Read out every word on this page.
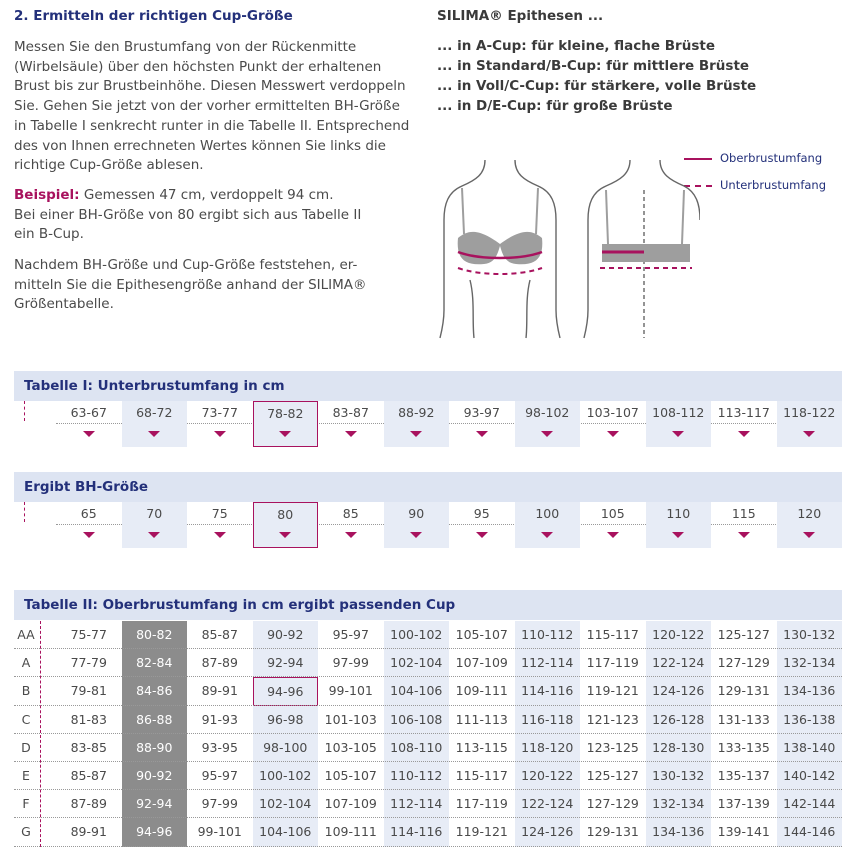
2. Ermitteln der richtigen Cup-Größe
Messen Sie den Brustumfang von der Rückenmitte
(Wirbelsäule) über den höchsten Punkt der erhaltenen
Brust bis zur Brustbeinhöhe. Diesen Messwert verdoppeln
Sie. Gehen Sie jetzt von der vorher ermittelten BH-Größe
in Tabelle I senkrecht runter in die Tabelle II. Entsprechend
des von Ihnen errechneten Wertes können Sie links die
richtige Cup-Größe ablesen.
Beispiel: Gemessen 47 cm, verdoppelt 94 cm.
Bei einer BH-Größe von 80 ergibt sich aus Tabelle II
ein B-Cup.
Nachdem BH-Größe und Cup-Größe feststehen, er-
mitteln Sie die Epithesengröße anhand der SILIMA®
Größentabelle.
SILIMA® Epithesen ...
... in A-Cup: für kleine, flache Brüste
... in Standard/B-Cup: für mittlere Brüste
... in Voll/C-Cup: für stärkere, volle Brüste
... in D/E-Cup: für große Brüste
Oberbrustumfang
Unterbrustumfang
Tabelle I: Unterbrustumfang in cm
63-67	68-72	73-77	78-82	83-87	88-92	93-97	98-102	103-107	108-112	113-117	118-122
Ergibt BH-Größe
65	70	75	80	85	90	95	100	105	110	115	120
Tabelle II: Oberbrustumfang in cm ergibt passenden Cup
AA	75-77	80-82	85-87	90-92	95-97	100-102	105-107	110-112	115-117	120-122	125-127	130-132
A	77-79	82-84	87-89	92-94	97-99	102-104	107-109	112-114	117-119	122-124	127-129	132-134
B	79-81	84-86	89-91	94-96	99-101	104-106	109-111	114-116	119-121	124-126	129-131	134-136
C	81-83	86-88	91-93	96-98	101-103	106-108	111-113	116-118	121-123	126-128	131-133	136-138
D	83-85	88-90	93-95	98-100	103-105	108-110	113-115	118-120	123-125	128-130	133-135	138-140
E	85-87	90-92	95-97	100-102	105-107	110-112	115-117	120-122	125-127	130-132	135-137	140-142
F	87-89	92-94	97-99	102-104	107-109	112-114	117-119	122-124	127-129	132-134	137-139	142-144
G	89-91	94-96	99-101	104-106	109-111	114-116	119-121	124-126	129-131	134-136	139-141	144-146
